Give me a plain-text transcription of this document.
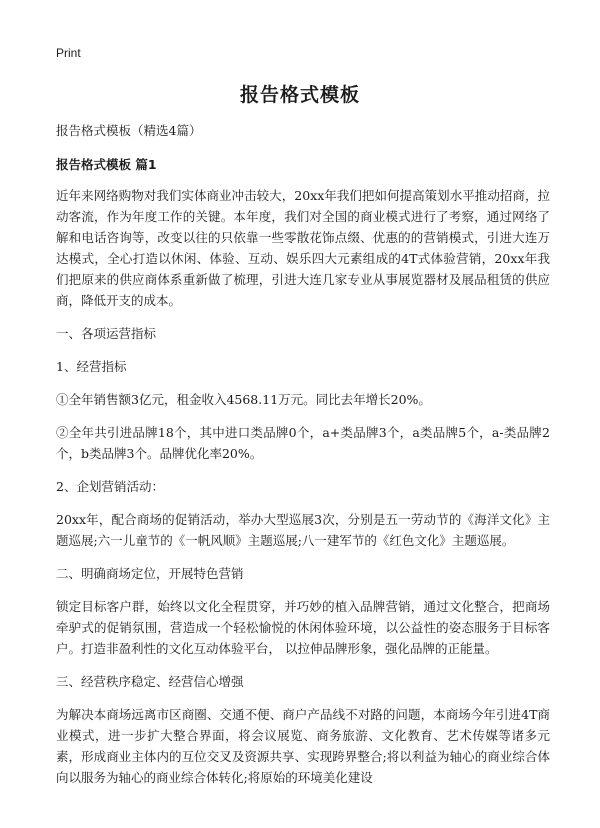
Print
报告格式模板

报告格式模板（精选4篇）

报告格式模板 篇1

近年来网络购物对我们实体商业冲击较大，20xx年我们把如何提高策划水平推动招商，拉动客流，作为年度工作的关键。本年度，我们对全国的商业模式进行了考察，通过网络了解和电话咨询等，改变以往的只依靠一些零散花饰点缀、优惠的的营销模式，引进大连万达模式，全心打造以休闲、体验、互动、娱乐四大元素组成的4T式体验营销，20xx年我们把原来的供应商体系重新做了梳理，引进大连几家专业从事展览器材及展品租赁的供应商，降低开支的成本。

一、各项运营指标

1、经营指标

①全年销售额3亿元，租金收入4568.11万元。同比去年增长20%。

②全年共引进品牌18个，其中进口类品牌0个，a+类品牌3个，a类品牌5个，a-类品牌2个，b类品牌3个。品牌优化率20%。

2、企划营销活动：

20xx年，配合商场的促销活动，举办大型巡展3次，分别是五一劳动节的《海洋文化》主题巡展;六一儿童节的《一帆风顺》主题巡展;八一建军节的《红色文化》主题巡展。

二、明确商场定位，开展特色营销

锁定目标客户群，始终以文化全程贯穿，并巧妙的植入品牌营销，通过文化整合，把商场 牵驴式的促销氛围，营造成一个轻松愉悦的休闲体验环境，以公益性的姿态服务于目标客户。打造非盈利性的文化互动体验平台， 以拉伸品牌形象，强化品牌的正能量。

三、经营秩序稳定、经营信心增强

为解决本商场远离市区商圈、交通不便、商户产品线不对路的问题，本商场今年引进4T商业模式，进一步扩大整合界面，将会议展览、商务旅游、文化教育、艺术传媒等诸多元素，形成商业主体内的互位交叉及资源共享、实现跨界整合;将以利益为轴心的商业综合体向以服务为轴心的商业综合体转化;将原始的环境美化建设
